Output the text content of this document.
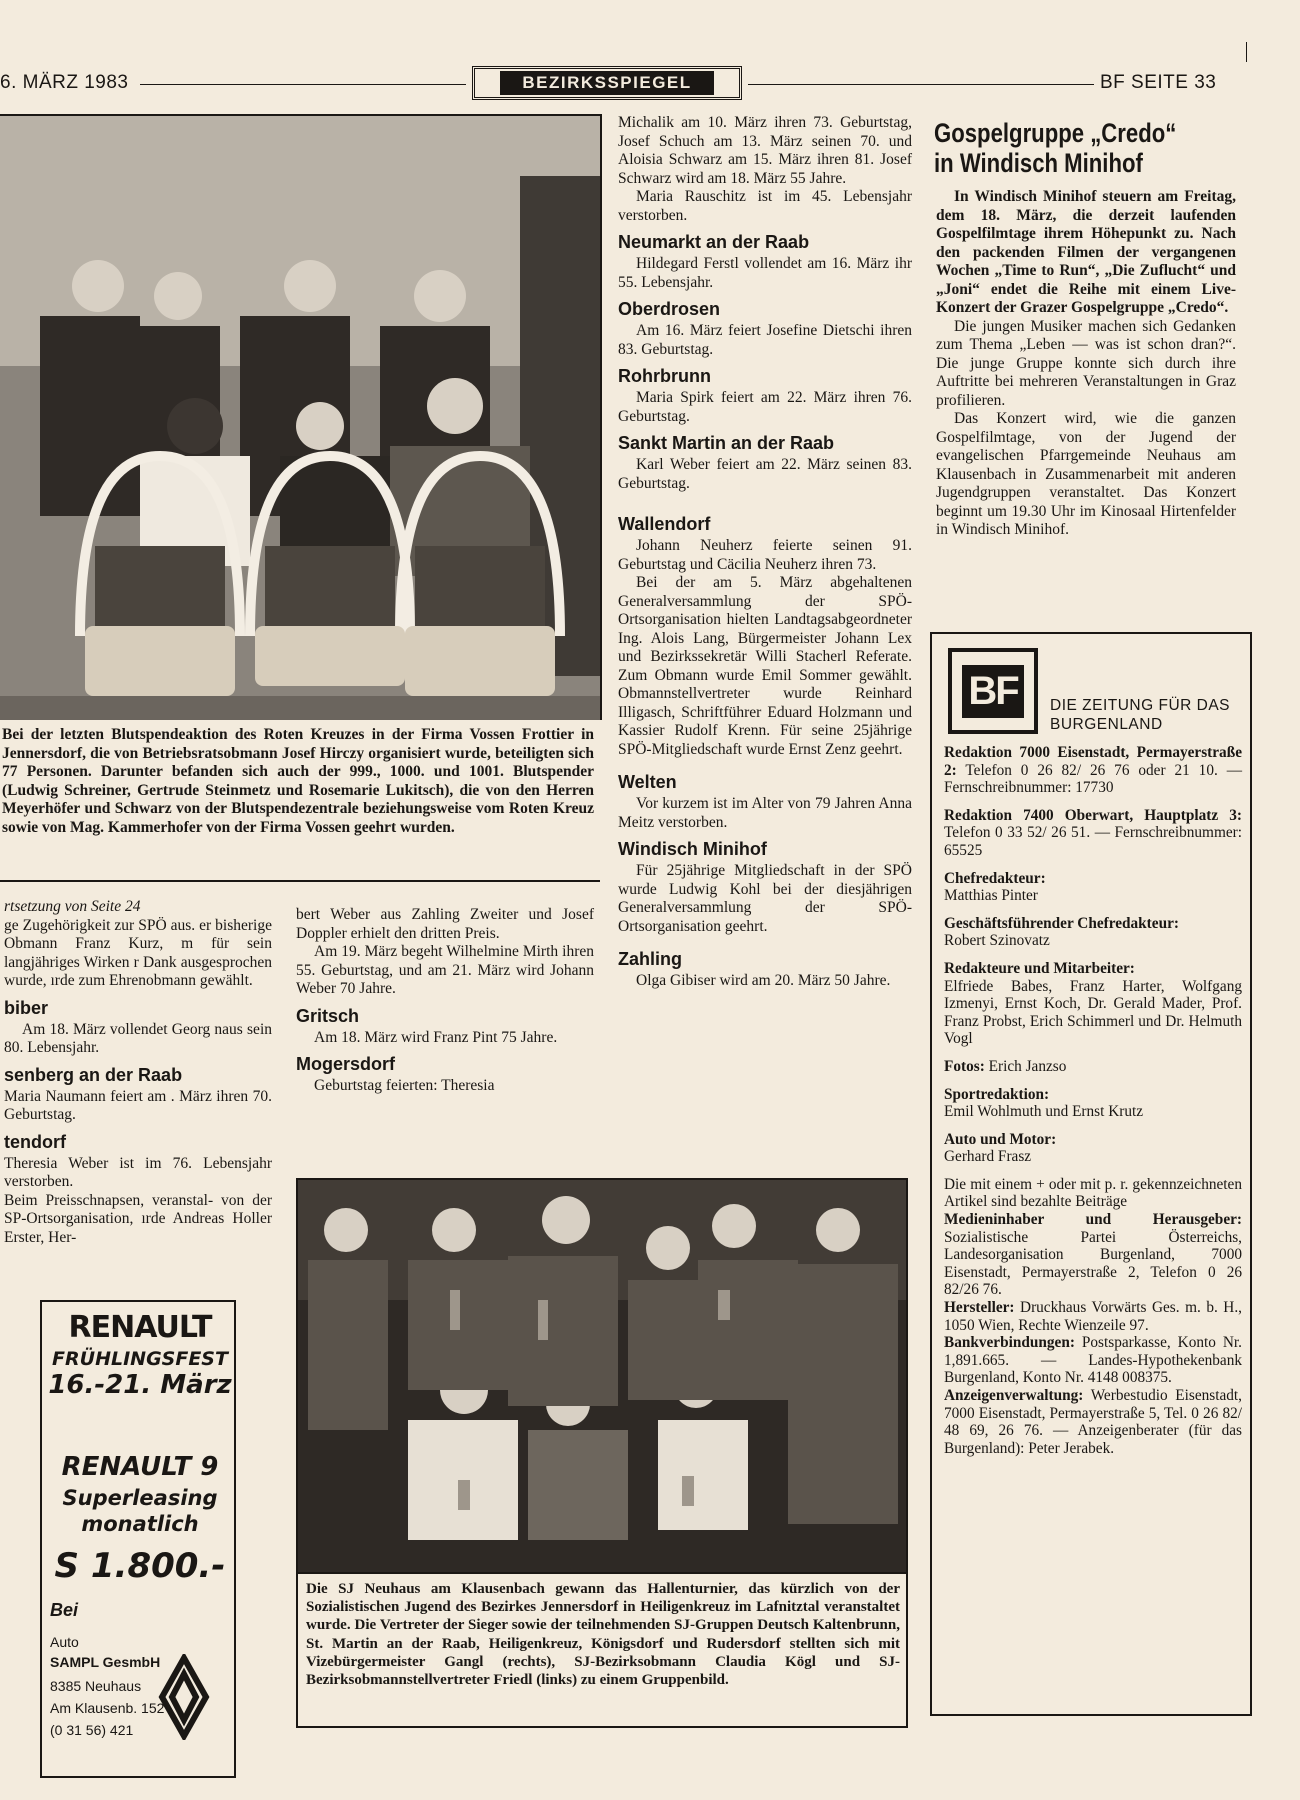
6. MÄRZ 1983	BEZIRKSSPIEGEL	BF SEITE 33
Bei der letzten Blutspendeaktion des Roten Kreuzes in der Firma Vossen Frottier in Jennersdorf, die von Betriebsratsobmann Josef Hirczy organisiert wurde, beteiligten sich 77 Personen. Darunter befanden sich auch der 999., 1000. und 1001. Blutspender (Ludwig Schreiner, Gertrude Steinmetz und Rosemarie Lukitsch), die von den Herren Meyerhöfer und Schwarz von der Blutspendezentrale beziehungsweise vom Roten Kreuz sowie von Mag. Kammerhofer von der Firma Vossen geehrt wurden.

Michalik am 10. März ihren 73. Geburtstag, Josef Schuch am 13. März seinen 70. und Aloisia Schwarz am 15. März ihren 81. Josef Schwarz wird am 18. März 55 Jahre.

Maria Rauschitz ist im 45. Lebensjahr verstorben.

Neumarkt an der Raab

Hildegard Ferstl vollendet am 16. März ihr 55. Lebensjahr.

Oberdrosen

Am 16. März feiert Josefine Dietschi ihren 83. Geburtstag.

Rohrbrunn

Maria Spirk feiert am 22. März ihren 76. Geburtstag.

Sankt Martin an der Raab

Karl Weber feiert am 22. März seinen 83. Geburtstag.

Wallendorf

Johann Neuherz feierte seinen 91. Geburtstag und Cäcilia Neuherz ihren 73.

Bei der am 5. März abgehaltenen Generalversammlung der SPÖ-Ortsorganisation hielten Landtagsabgeordneter Ing. Alois Lang, Bürgermeister Johann Lex und Bezirkssekretär Willi Stacherl Referate. Zum Obmann wurde Emil Sommer gewählt. Obmannstellvertreter wurde Reinhard Illigasch, Schriftführer Eduard Holzmann und Kassier Rudolf Krenn. Für seine 25jährige SPÖ-Mitgliedschaft wurde Ernst Zenz geehrt.

Welten

Vor kurzem ist im Alter von 79 Jahren Anna Meitz verstorben.

Windisch Minihof

Für 25jährige Mitgliedschaft in der SPÖ wurde Ludwig Kohl bei der diesjährigen Generalversammlung der SPÖ-Ortsorganisation geehrt.

Zahling

Olga Gibiser wird am 20. März 50 Jahre.

rtsetzung von Seite 24

ge Zugehörigkeit zur SPÖ aus. er bisherige Obmann Franz Kurz, m für sein langjähriges Wirken r Dank ausgesprochen wurde, ırde zum Ehrenobmann gewählt.

biber

Am 18. März vollendet Georg naus sein 80. Lebensjahr.

senberg an der Raab

Maria Naumann feiert am . März ihren 70. Geburtstag.

tendorf

Theresia Weber ist im 76. Lebensjahr verstorben.

Beim Preisschnapsen, veranstal- von der SP-Ortsorganisation, ırde Andreas Holler Erster, Her-

bert Weber aus Zahling Zweiter und Josef Doppler erhielt den dritten Preis.

Am 19. März begeht Wilhelmine Mirth ihren 55. Geburtstag, und am 21. März wird Johann Weber 70 Jahre.

Gritsch

Am 18. März wird Franz Pint 75 Jahre.

Mogersdorf

Geburtstag feierten: Theresia

Gospelgruppe „Credo“ in Windisch Minihof

In Windisch Minihof steuern am Freitag, dem 18. März, die derzeit laufenden Gospelfilmtage ihrem Höhepunkt zu. Nach den packenden Filmen der vergangenen Wochen „Time to Run“, „Die Zuflucht“ und „Joni“ endet die Reihe mit einem Live-Konzert der Grazer Gospelgruppe „Credo“.

Die jungen Musiker machen sich Gedanken zum Thema „Leben — was ist schon dran?“. Die junge Gruppe konnte sich durch ihre Auftritte bei mehreren Veranstaltungen in Graz profilieren.

Das Konzert wird, wie die ganzen Gospelfilmtage, von der Jugend der evangelischen Pfarrgemeinde Neuhaus am Klausenbach in Zusammenarbeit mit anderen Jugendgruppen veranstaltet. Das Konzert beginnt um 19.30 Uhr im Kinosaal Hirtenfelder in Windisch Minihof.

BF	DIE ZEITUNG FÜR DAS BURGENLAND

Redaktion 7000 Eisenstadt, Permayerstraße 2: Telefon 0 26 82/ 26 76 oder 21 10. — Fernschreibnummer: 17730

Redaktion 7400 Oberwart, Hauptplatz 3: Telefon 0 33 52/ 26 51. — Fernschreibnummer: 65525

Chefredakteur:
Matthias Pinter

Geschäftsführender Chefredakteur:
Robert Szinovatz

Redakteure und Mitarbeiter:
Elfriede Babes, Franz Harter, Wolfgang Izmenyi, Ernst Koch, Dr. Gerald Mader, Prof. Franz Probst, Erich Schimmerl und Dr. Helmuth Vogl

Fotos: Erich Janzso

Sportredaktion:
Emil Wohlmuth und Ernst Krutz

Auto und Motor:
Gerhard Frasz

Die mit einem + oder mit p. r. gekennzeichneten Artikel sind bezahlte Beiträge

Medieninhaber und Herausgeber: Sozialistische Partei Österreichs, Landesorganisation Burgenland, 7000 Eisenstadt, Permayerstraße 2, Telefon 0 26 82/26 76.

Hersteller: Druckhaus Vorwärts Ges. m. b. H., 1050 Wien, Rechte Wienzeile 97.

Bankverbindungen: Postsparkasse, Konto Nr. 1,891.665. — Landes-Hypothekenbank Burgenland, Konto Nr. 4148 008375.

Anzeigenverwaltung: Werbestudio Eisenstadt, 7000 Eisenstadt, Permayerstraße 5, Tel. 0 26 82/ 48 69, 26 76. — Anzeigenberater (für das Burgenland): Peter Jerabek.

RENAULT
FRÜHLINGSFEST
16.-21. März
RENAULT 9
Superleasing
monatlich
S 1.800.-
Bei
Auto
SAMPL GesmbH
8385 Neuhaus
Am Klausenb. 152
(0 31 56) 421
Die SJ Neuhaus am Klausenbach gewann das Hallenturnier, das kürzlich von der Sozialistischen Jugend des Bezirkes Jennersdorf in Heiligenkreuz im Lafnitztal veranstaltet wurde. Die Vertreter der Sieger sowie der teilnehmenden SJ-Gruppen Deutsch Kaltenbrunn, St. Martin an der Raab, Heiligenkreuz, Königsdorf und Rudersdorf stellten sich mit Vizebürgermeister Gangl (rechts), SJ-Bezirksobmann Claudia Kögl und SJ-Bezirksobmannstellvertreter Friedl (links) zu einem Gruppenbild.
